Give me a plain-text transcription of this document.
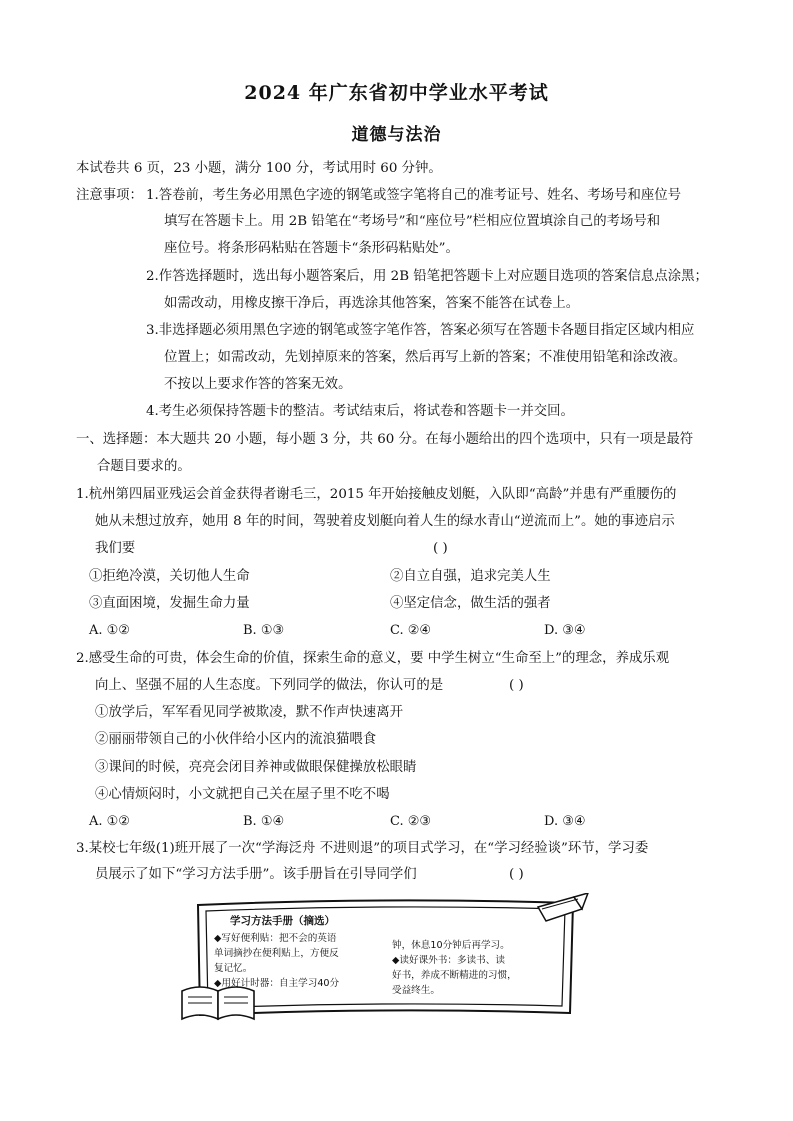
2024 年广东省初中学业水平考试
道德与法治
本试卷共 6 页，23 小题，满分 100 分，考试用时 60 分钟。
注意事项： 1.答卷前，考生务必用黑色字迹的钢笔或签字笔将自己的准考证号、姓名、考场号和座位号
填写在答题卡上。用 2B 铅笔在“考场号”和“座位号”栏相应位置填涂自己的考场号和
座位号。将条形码粘贴在答题卡“条形码粘贴处”。
2.作答选择题时，选出每小题答案后，用 2B 铅笔把答题卡上对应题目选项的答案信息点涂黑；
如需改动，用橡皮擦干净后，再选涂其他答案，答案不能答在试卷上。
3.非选择题必须用黑色字迹的钢笔或签字笔作答，答案必须写在答题卡各题目指定区域内相应
位置上；如需改动，先划掉原来的答案，然后再写上新的答案；不准使用铅笔和涂改液。
不按以上要求作答的答案无效。
4.考生必须保持答题卡的整洁。考试结束后，将试卷和答题卡一并交回。
一、选择题：本大题共 20 小题，每小题 3 分，共 60 分。在每小题给出的四个选项中，只有一项是最符
合题目要求的。
1.杭州第四届亚残运会首金获得者谢毛三，2015 年开始接触皮划艇，入队即“高龄”并患有严重腰伤的
她从未想过放弃，她用 8 年的时间，驾驶着皮划艇向着人生的绿水青山“逆流而上”。她的事迹启示
我们要	( )
①拒绝冷漠，关切他人生命	②自立自强，追求完美人生
③直面困境，发掘生命力量	④坚定信念，做生活的强者
A. ①②	B. ①③	C. ②④	D. ③④
2.感受生命的可贵，体会生命的价值，探索生命的意义，要 中学生树立“生命至上”的理念，养成乐观
向上、坚强不屈的人生态度。下列同学的做法，你认可的是	( )
①放学后，军军看见同学被欺凌，默不作声快速离开
②丽丽带领自己的小伙伴给小区内的流浪猫喂食
③课间的时候，亮亮会闭目养神或做眼保健操放松眼睛
④心情烦闷时，小文就把自己关在屋子里不吃不喝
A. ①②	B. ①④	C. ②③	D. ③④
3.某校七年级(1)班开展了一次“学海泛舟 不进则退”的项目式学习，在“学习经验谈”环节，学习委
员展示了如下“学习方法手册”。该手册旨在引导同学们	( )
学习方法手册（摘选）
◆写好便利贴：把不会的英语
单词摘抄在便利贴上，方便反
复记忆。
◆用好计时器：自主学习40分
钟，休息10分钟后再学习。
◆读好课外书：多读书、读
好书，养成不断精进的习惯，
受益终生。
